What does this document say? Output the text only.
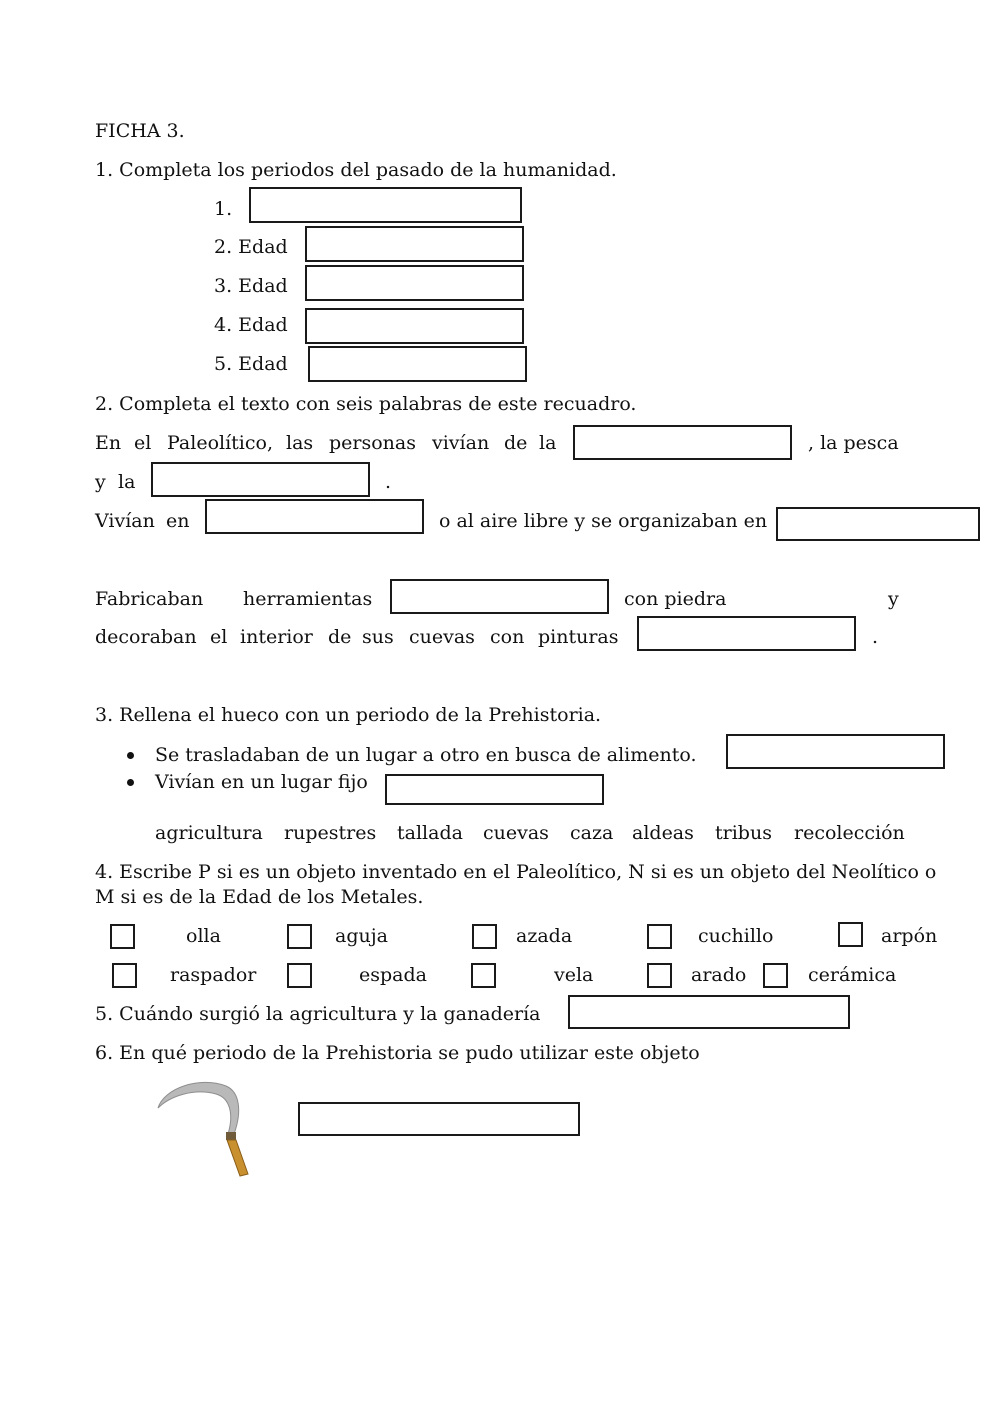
FICHA 3.
1. Completa los periodos del pasado de la humanidad.
1.
2. Edad
3. Edad
4. Edad
5. Edad
2. Completa el texto con seis palabras de este recuadro.
En el Paleolítico, las personas vivían de la	, la pesca
y la	.
Vivían en	o al aire libre y se organizaban en
Fabricaban herramientas	con piedra	y
decoraban el interior de sus cuevas con pinturas	.
3. Rellena el hueco con un periodo de la Prehistoria.
Se trasladaban de un lugar a otro en busca de alimento.
Vivían en un lugar fijo
agricultura rupestres tallada cuevas caza aldeas tribus recolección
4. Escribe P si es un objeto inventado en el Paleolítico, N si es un objeto del Neolítico o
M si es de la Edad de los Metales.
olla	aguja	azada	cuchillo	arpón
raspador	espada	vela	arado	cerámica
5. Cuándo surgió la agricultura y la ganadería
6. En qué periodo de la Prehistoria se pudo utilizar este objeto
